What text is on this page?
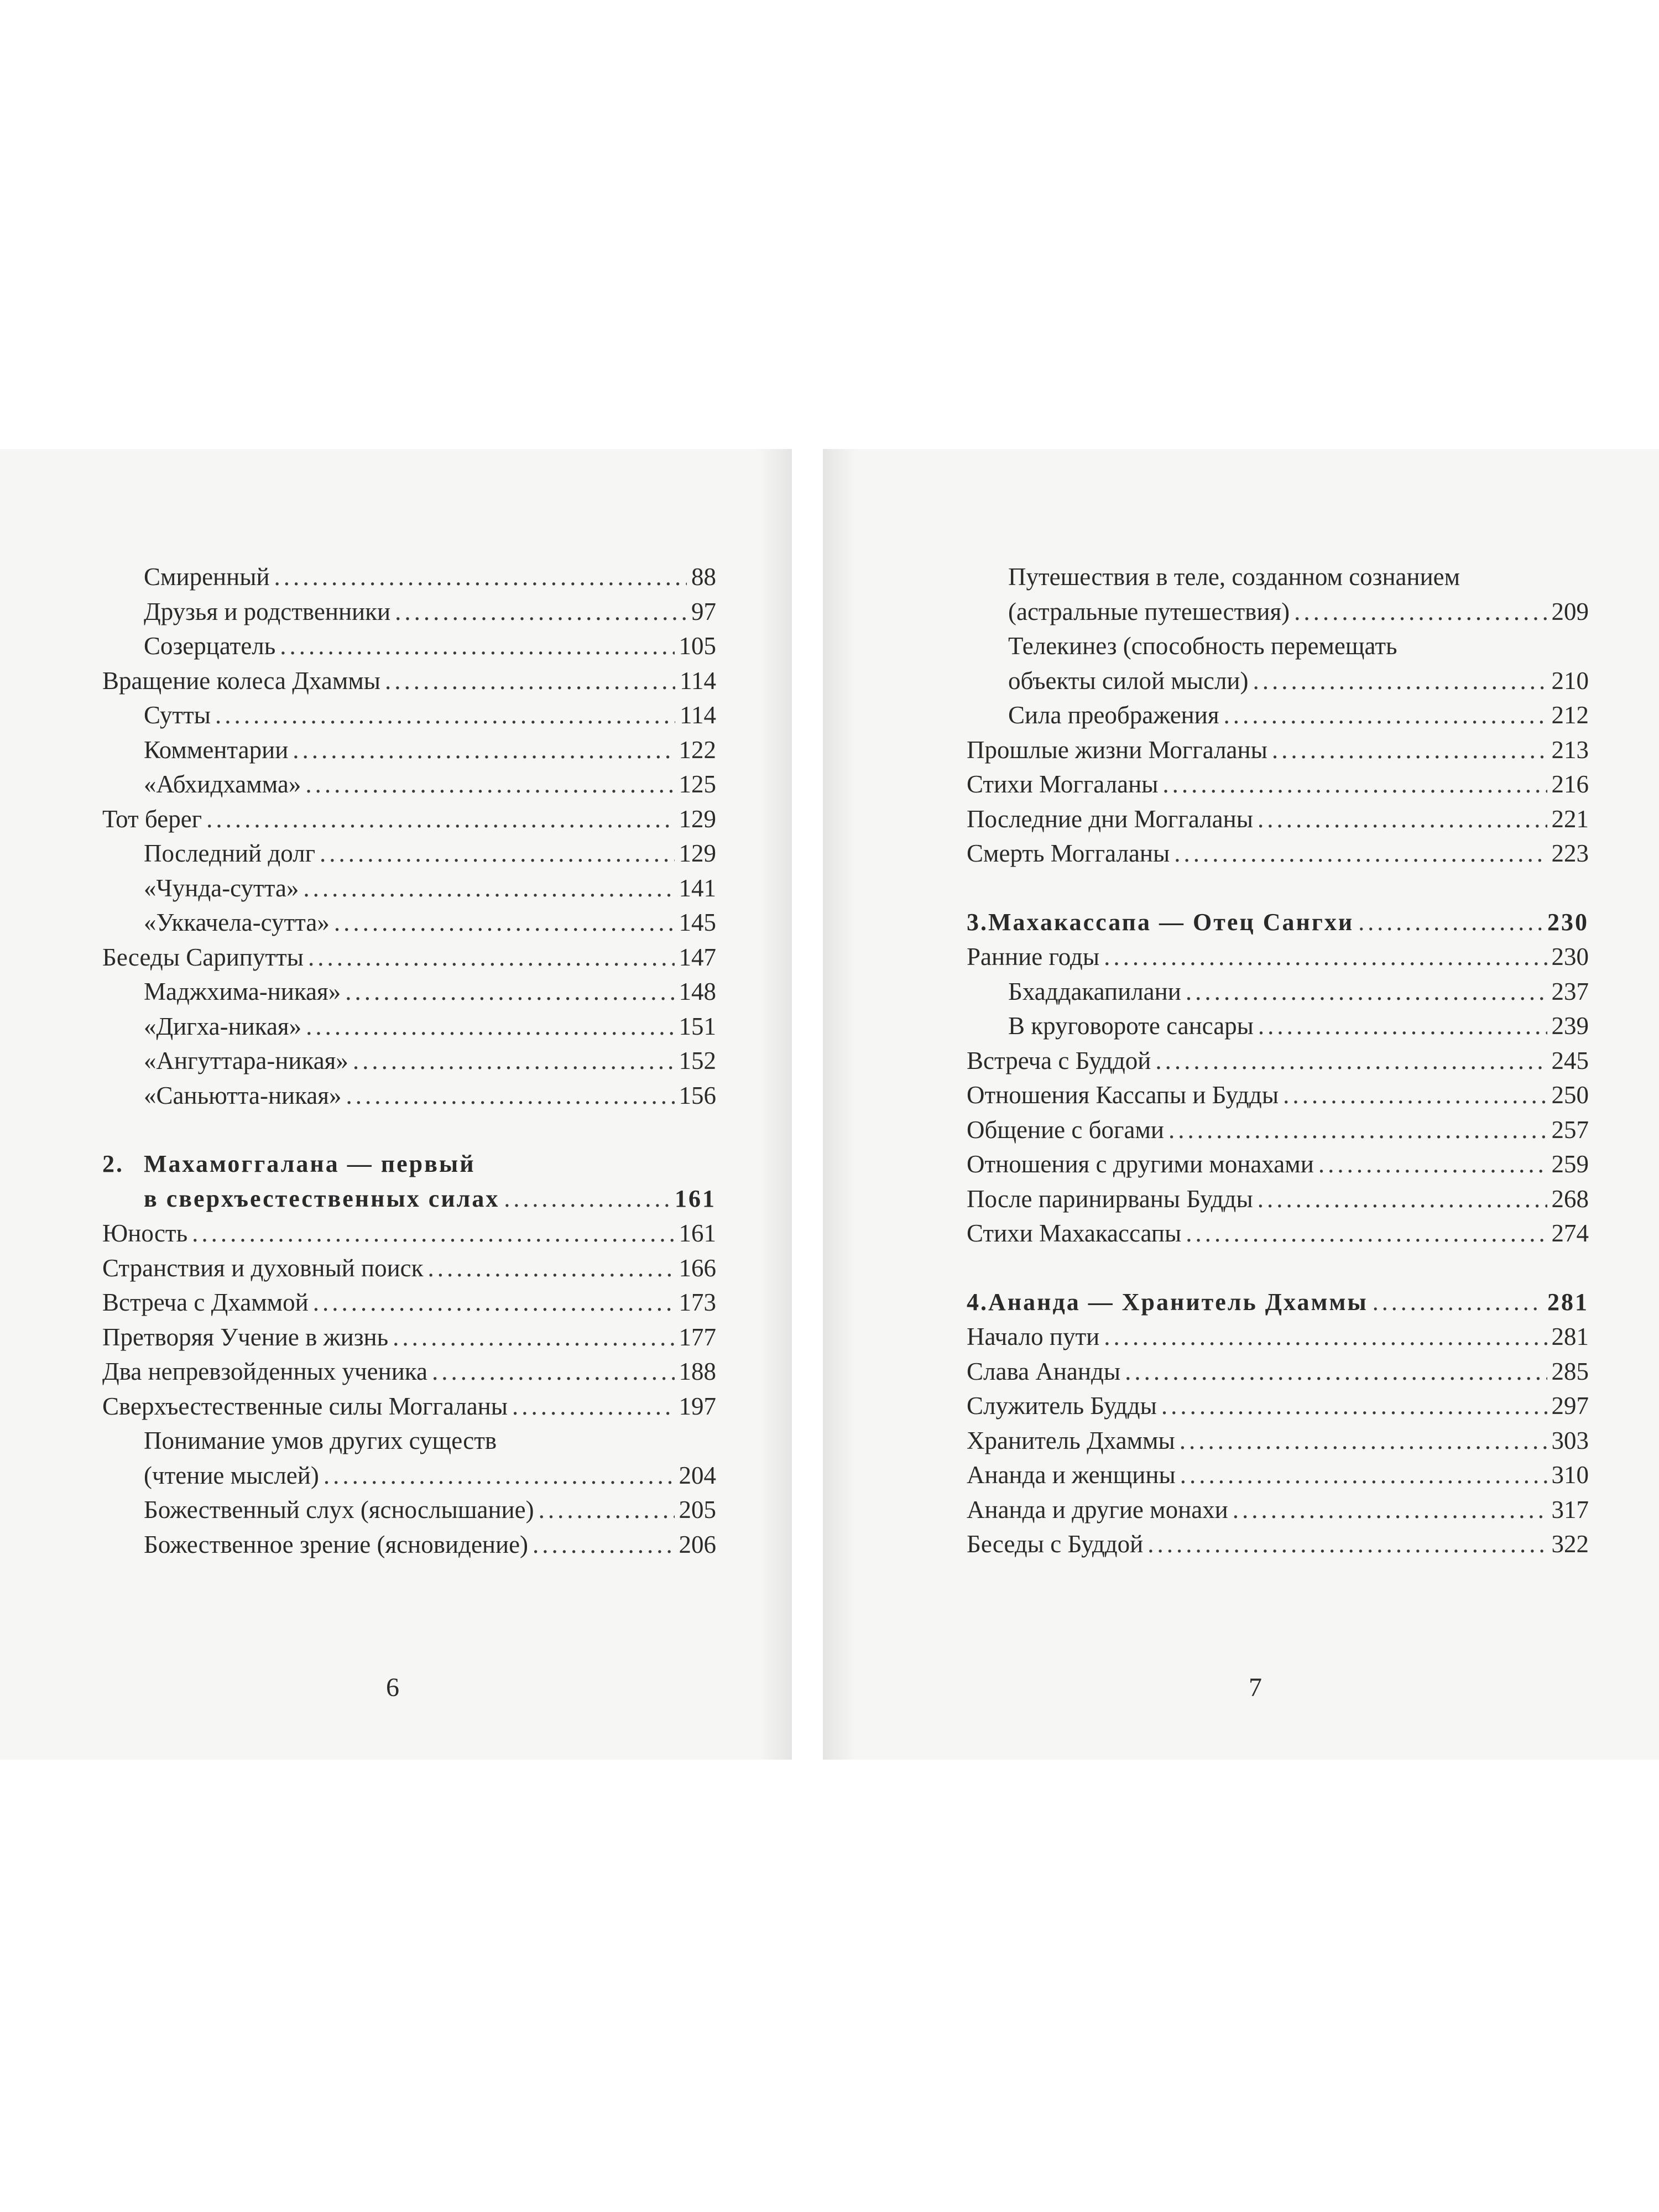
Смиренный .....	88
Друзья и родственники .....	97
Созерцатель .....	105
Вращение колеса Дхаммы .....	114
Сутты .....	114
Комментарии .....	122
«Абхидхамма» .....	125
Тот берег .....	129
Последний долг .....	129
«Чунда-сутта» .....	141
«Уккачела-сутта» .....	145
Беседы Сарипутты .....	147
Маджхима-никая» .....	148
«Дигха-никая» .....	151
«Ангуттара-никая» .....	152
«Саньютта-никая» .....	156
2. Махамоггалана — первый
в сверхъестественных силах .....	161
Юность .....	161
Странствия и духовный поиск .....	166
Встреча с Дхаммой .....	173
Претворяя Учение в жизнь .....	177
Два непревзойденных ученика .....	188
Сверхъестественные силы Моггаланы .....	197
Понимание умов других существ
(чтение мыслей) .....	204
Божественный слух (яснослышание) .....	205
Божественное зрение (ясновидение) .....	206
6
Путешествия в теле, созданном сознанием
(астральные путешествия) .....	209
Телекинез (способность перемещать
объекты силой мысли) .....	210
Сила преображения .....	212
Прошлые жизни Моггаланы .....	213
Стихи Моггаланы .....	216
Последние дни Моггаланы .....	221
Смерть Моггаланы .....	223
3. Махакассапа — Отец Сангхи .....	230
Ранние годы .....	230
Бхаддакапилани .....	237
В круговороте сансары .....	239
Встреча с Буддой .....	245
Отношения Кассапы и Будды .....	250
Общение с богами .....	257
Отношения с другими монахами .....	259
После паринирваны Будды .....	268
Стихи Махакассапы .....	274
4. Ананда — Хранитель Дхаммы .....	281
Начало пути .....	281
Слава Ананды .....	285
Служитель Будды .....	297
Хранитель Дхаммы .....	303
Ананда и женщины .....	310
Ананда и другие монахи .....	317
Беседы с Буддой .....	322
7
